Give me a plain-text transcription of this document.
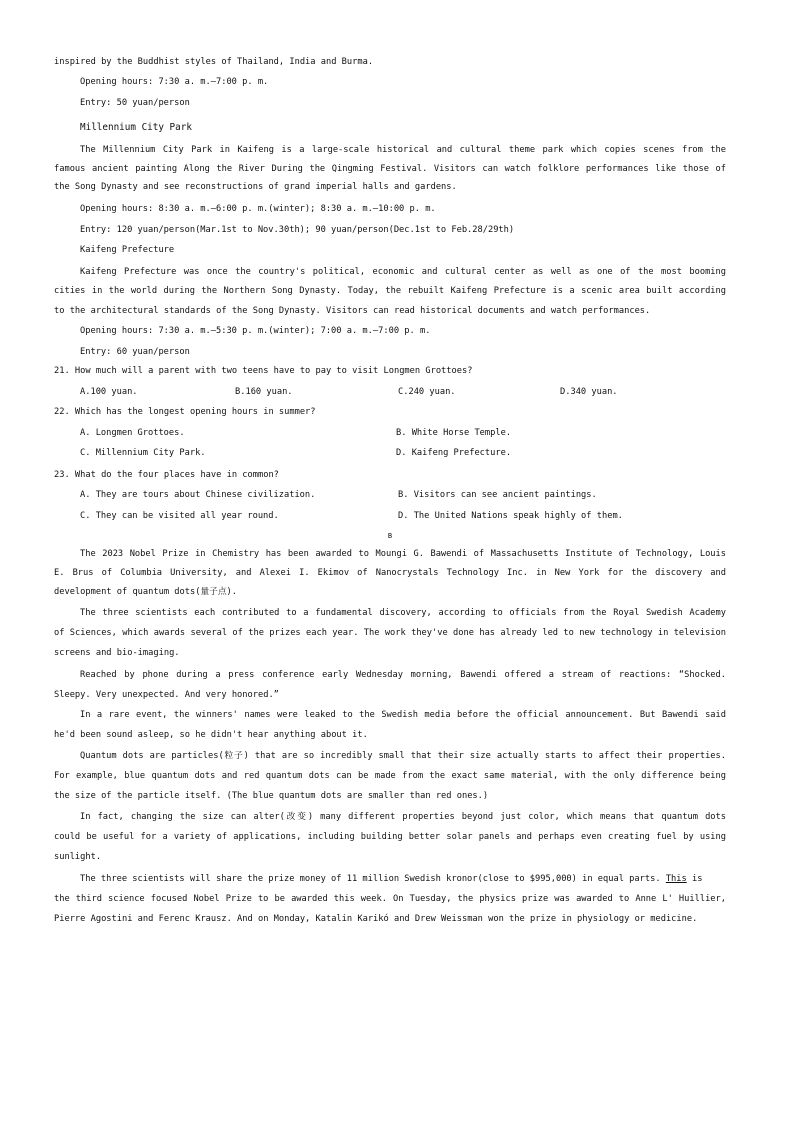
inspired by the Buddhist styles of Thailand, India and Burma.
Opening hours: 7:30 a. m.—7:00 p. m.
Entry: 50 yuan/person
Millennium City Park
The Millennium City Park in Kaifeng is a large-scale historical and cultural theme park which copies scenes from the
famous ancient painting Along the River During the Qingming Festival. Visitors can watch folklore performances like those of
the Song Dynasty and see reconstructions of grand imperial halls and gardens.
Opening hours: 8:30 a. m.—6:00 p. m.(winter); 8:30 a. m.—10:00 p. m.
Entry: 120 yuan/person(Mar.1st to Nov.30th); 90 yuan/person(Dec.1st to Feb.28/29th)
Kaifeng Prefecture
Kaifeng Prefecture was once the country's political, economic and cultural center as well as one of the most booming
cities in the world during the Northern Song Dynasty. Today, the rebuilt Kaifeng Prefecture is a scenic area built according
to the architectural standards of the Song Dynasty. Visitors can read historical documents and watch performances.
Opening hours: 7:30 a. m.—5:30 p. m.(winter); 7:00 a. m.—7:00 p. m.
Entry: 60 yuan/person
21. How much will a parent with two teens have to pay to visit Longmen Grottoes?
A.100 yuan.	B.160 yuan.	C.240 yuan.	D.340 yuan.
22. Which has the longest opening hours in summer?
A. Longmen Grottoes.	B. White Horse Temple.
C. Millennium City Park.	D. Kaifeng Prefecture.
23. What do the four places have in common?
A. They are tours about Chinese civilization.	B. Visitors can see ancient paintings.
C. They can be visited all year round.	D. The United Nations speak highly of them.
B
The 2023 Nobel Prize in Chemistry has been awarded to Moungi G. Bawendi of Massachusetts Institute of Technology, Louis
E. Brus of Columbia University, and Alexei I. Ekimov of Nanocrystals Technology Inc. in New York for the discovery and
development of quantum dots(量子点).
The three scientists each contributed to a fundamental discovery, according to officials from the Royal Swedish Academy
of Sciences, which awards several of the prizes each year. The work they've done has already led to new technology in television
screens and bio-imaging.
Reached by phone during a press conference early Wednesday morning, Bawendi offered a stream of reactions: “Shocked.
Sleepy. Very unexpected. And very honored.”
In a rare event, the winners' names were leaked to the Swedish media before the official announcement. But Bawendi said
he'd been sound asleep, so he didn't hear anything about it.
Quantum dots are particles(粒子) that are so incredibly small that their size actually starts to affect their properties.
For example, blue quantum dots and red quantum dots can be made from the exact same material, with the only difference being
the size of the particle itself. (The blue quantum dots are smaller than red ones.)
In fact, changing the size can alter(改变) many different properties beyond just color, which means that quantum dots
could be useful for a variety of applications, including building better solar panels and perhaps even creating fuel by using
sunlight.
The three scientists will share the prize money of 11 million Swedish kronor(close to $995,000) in equal parts. This is
the third science focused Nobel Prize to be awarded this week. On Tuesday, the physics prize was awarded to Anne L' Huillier,
Pierre Agostini and Ferenc Krausz. And on Monday, Katalin Karikó and Drew Weissman won the prize in physiology or medicine.
